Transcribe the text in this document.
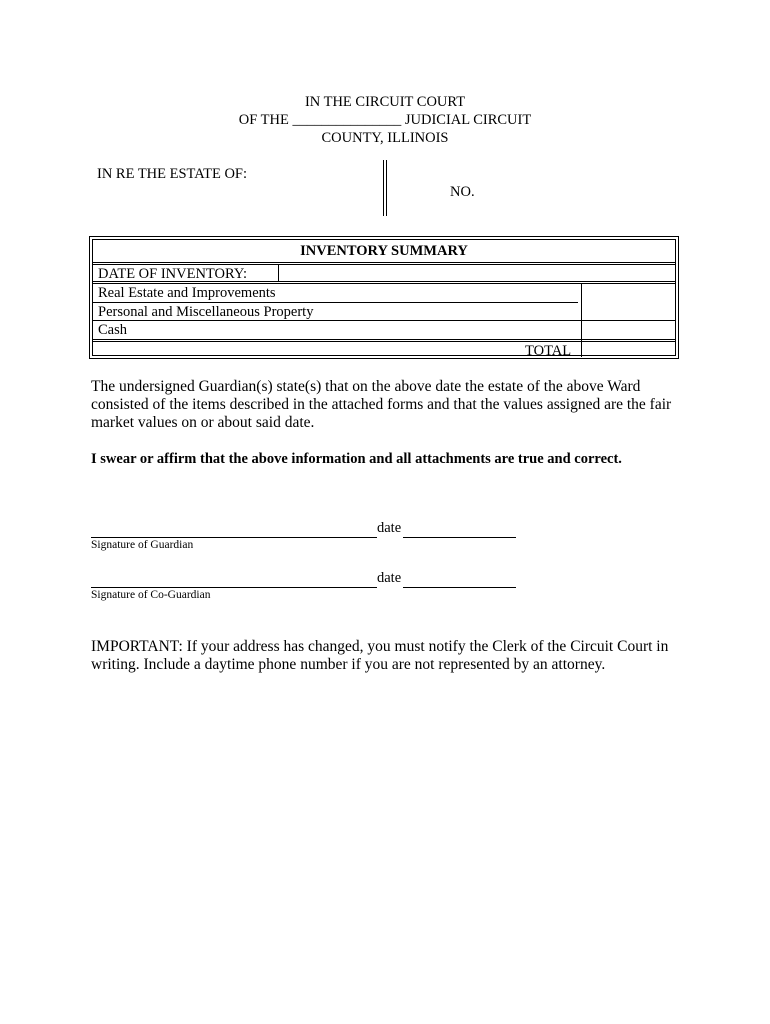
IN THE CIRCUIT COURT
OF THE _______________ JUDICIAL CIRCUIT
COUNTY, ILLINOIS
IN RE THE ESTATE OF:
NO.
INVENTORY SUMMARY
DATE OF INVENTORY:
Real Estate and Improvements
Personal and Miscellaneous Property
Cash
TOTAL
The undersigned Guardian(s) state(s) that on the above date the estate of the above Ward
consisted of the items described in the attached forms and that the values assigned are the fair
market values on or about said date.
I swear or affirm that the above information and all attachments are true and correct.
date
Signature of Guardian
date
Signature of Co-Guardian
IMPORTANT: If your address has changed, you must notify the Clerk of the Circuit Court in
writing. Include a daytime phone number if you are not represented by an attorney.
